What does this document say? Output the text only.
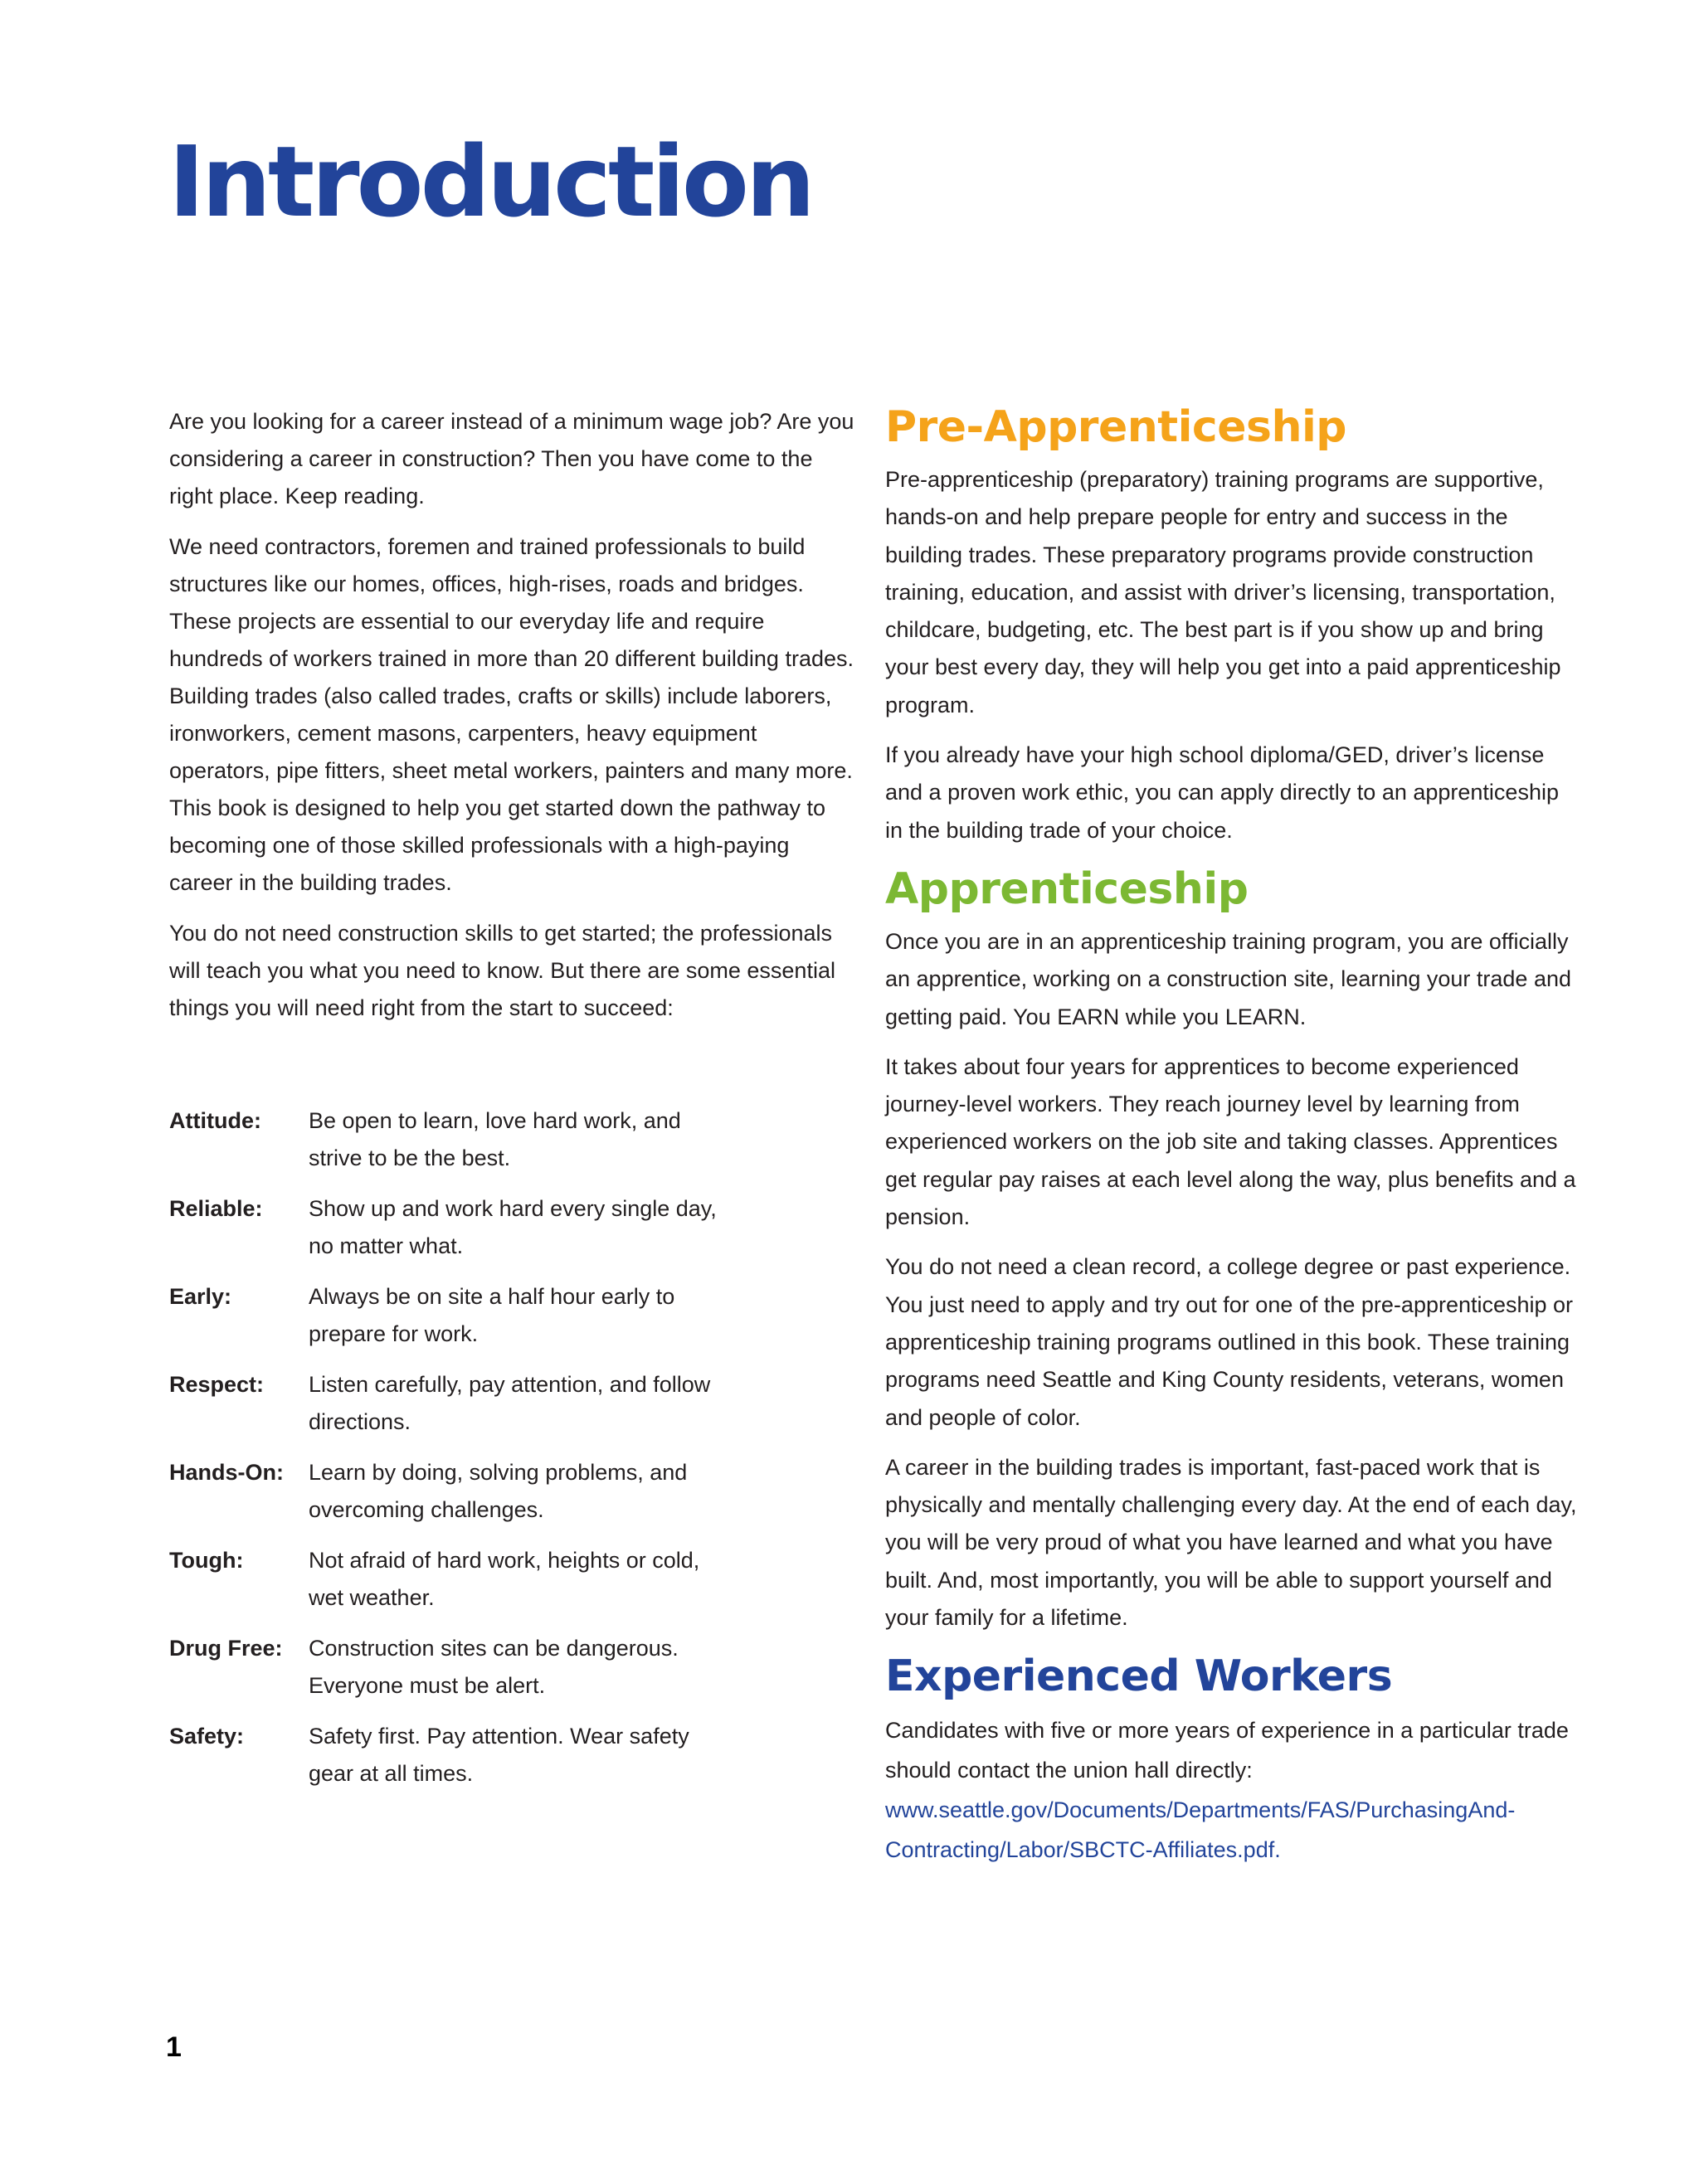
Introduction

Are you looking for a career instead of a minimum wage job? Are you considering a career in construction? Then you have come to the right place. Keep reading.

We need contractors, foremen and trained professionals to build structures like our homes, offices, high-rises, roads and bridges. These projects are essential to our everyday life and require hundreds of workers trained in more than 20 different building trades. Building trades (also called trades, crafts or skills) include laborers, ironworkers, cement masons, carpenters, heavy equipment operators, pipe fitters, sheet metal workers, painters and many more. This book is designed to help you get started down the pathway to becoming one of those skilled professionals with a high-paying career in the building trades.

You do not need construction skills to get started; the professionals will teach you what you need to know. But there are some essential things you will need right from the start to succeed:

Attitude:	Be open to learn, love hard work, and strive to be the best.
Reliable:	Show up and work hard every single day, no matter what.
Early:	Always be on site a half hour early to prepare for work.
Respect:	Listen carefully, pay attention, and follow directions.
Hands-On:	Learn by doing, solving problems, and overcoming challenges.
Tough:	Not afraid of hard work, heights or cold, wet weather.
Drug Free:	Construction sites can be dangerous. Everyone must be alert.
Safety:	Safety first. Pay attention. Wear safety gear at all times.
Pre-Apprenticeship

Pre-apprenticeship (preparatory) training programs are supportive, hands-on and help prepare people for entry and success in the building trades. These preparatory programs provide construction training, education, and assist with driver’s licensing, transportation, childcare, budgeting, etc. The best part is if you show up and bring your best every day, they will help you get into a paid apprenticeship program.

If you already have your high school diploma/GED, driver’s license and a proven work ethic, you can apply directly to an apprenticeship in the building trade of your choice.

Apprenticeship

Once you are in an apprenticeship training program, you are officially an apprentice, working on a construction site, learning your trade and getting paid. You EARN while you LEARN.

It takes about four years for apprentices to become experienced journey-level workers. They reach journey level by learning from experienced workers on the job site and taking classes. Apprentices get regular pay raises at each level along the way, plus benefits and a pension.

You do not need a clean record, a college degree or past experience. You just need to apply and try out for one of the pre-apprenticeship or apprenticeship training programs outlined in this book. These training programs need Seattle and King County residents, veterans, women and people of color.

A career in the building trades is important, fast-paced work that is physically and mentally challenging every day. At the end of each day, you will be very proud of what you have learned and what you have built. And, most importantly, you will be able to support yourself and your family for a lifetime.

Experienced Workers

Candidates with five or more years of experience in a particular trade should contact the union hall directly:

www.seattle.gov/Documents/Departments/FAS/PurchasingAnd-
Contracting/Labor/SBCTC-Affiliates.pdf.
1
